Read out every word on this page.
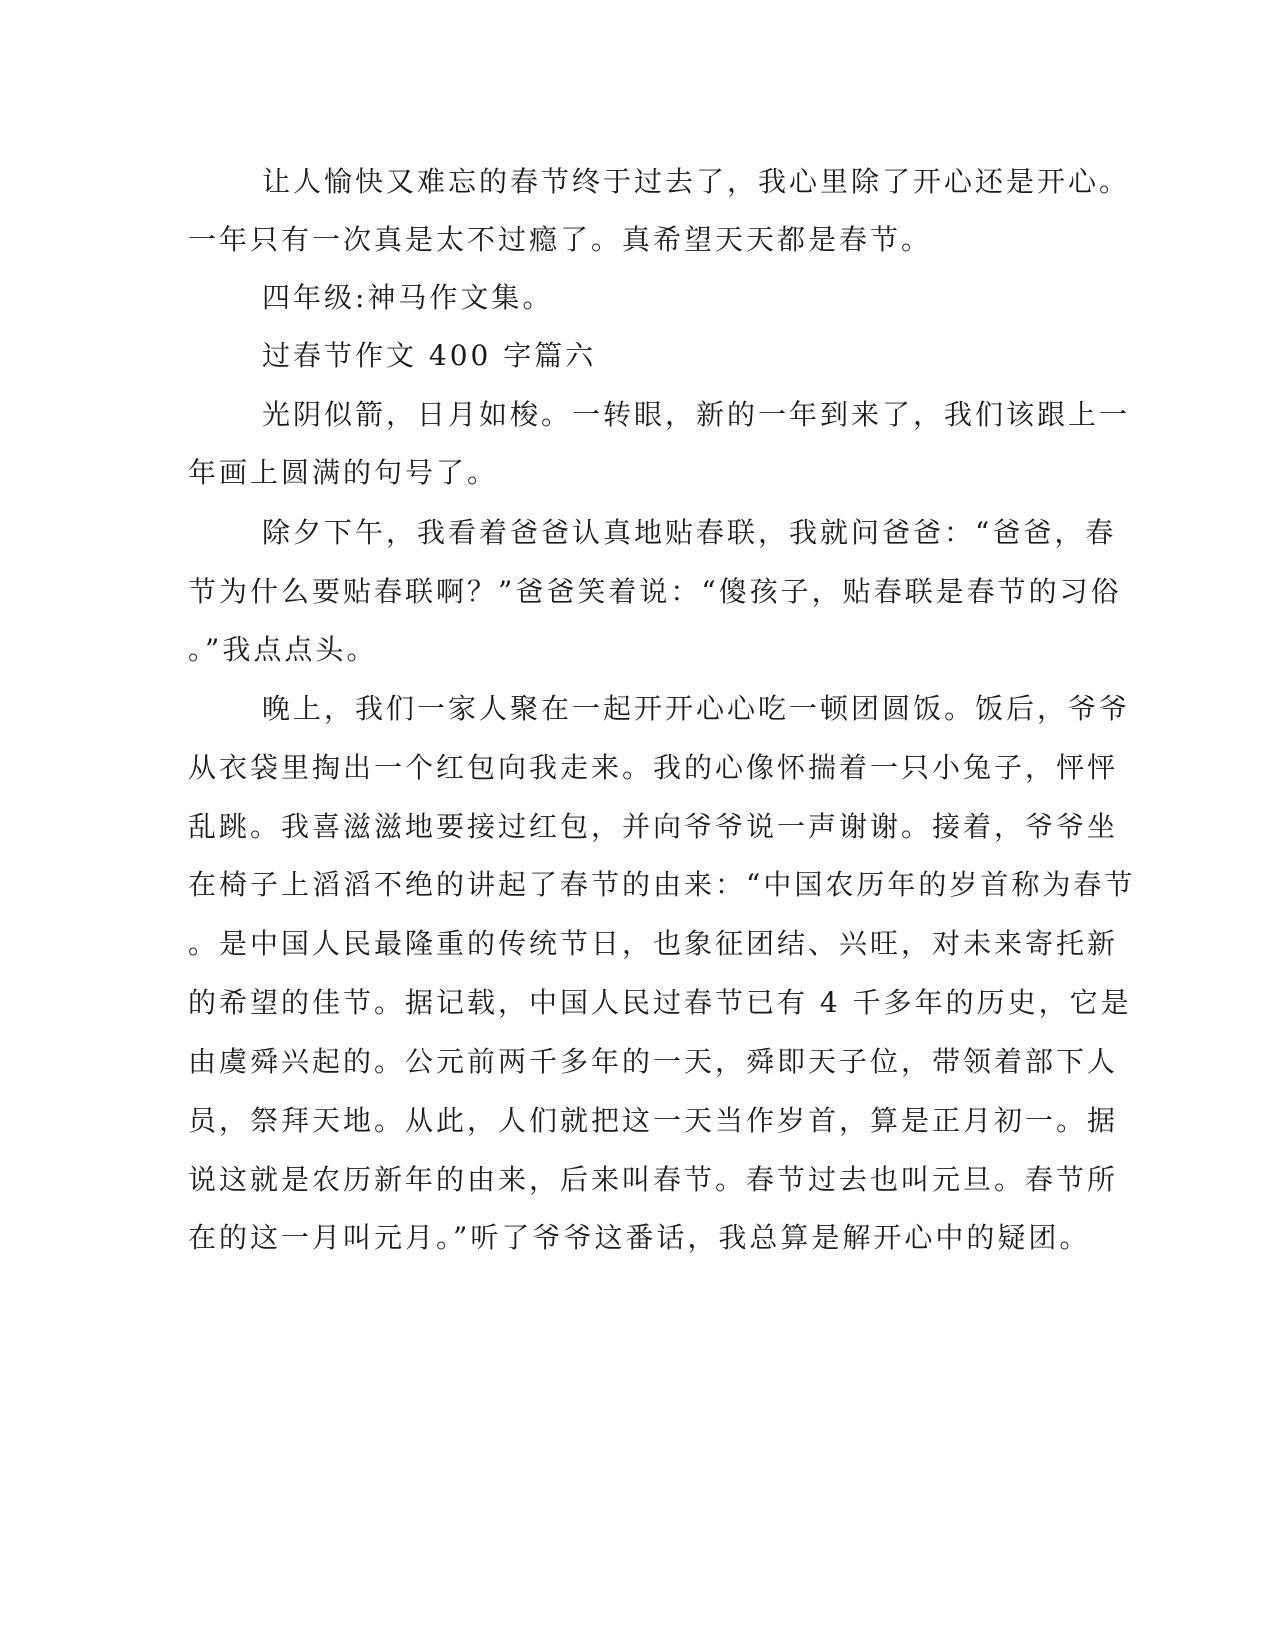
让人愉快又难忘的春节终于过去了，我心里除了开心还是开心。
一年只有一次真是太不过瘾了。真希望天天都是春节。
四年级:神马作文集。
过春节作文 400 字篇六
光阴似箭，日月如梭。一转眼，新的一年到来了，我们该跟上一
年画上圆满的句号了。
除夕下午，我看着爸爸认真地贴春联，我就问爸爸：“爸爸，春
节为什么要贴春联啊？”爸爸笑着说：“傻孩子，贴春联是春节的习俗
。”我点点头。
晚上，我们一家人聚在一起开开心心吃一顿团圆饭。饭后，爷爷
从衣袋里掏出一个红包向我走来。我的心像怀揣着一只小兔子，怦怦
乱跳。我喜滋滋地要接过红包，并向爷爷说一声谢谢。接着，爷爷坐
在椅子上滔滔不绝的讲起了春节的由来：“中国农历年的岁首称为春节
。是中国人民最隆重的传统节日，也象征团结、兴旺，对未来寄托新
的希望的佳节。据记载，中国人民过春节已有 4 千多年的历史，它是
由虞舜兴起的。公元前两千多年的一天，舜即天子位，带领着部下人
员，祭拜天地。从此，人们就把这一天当作岁首，算是正月初一。据
说这就是农历新年的由来，后来叫春节。春节过去也叫元旦。春节所
在的这一月叫元月。”听了爷爷这番话，我总算是解开心中的疑团。
